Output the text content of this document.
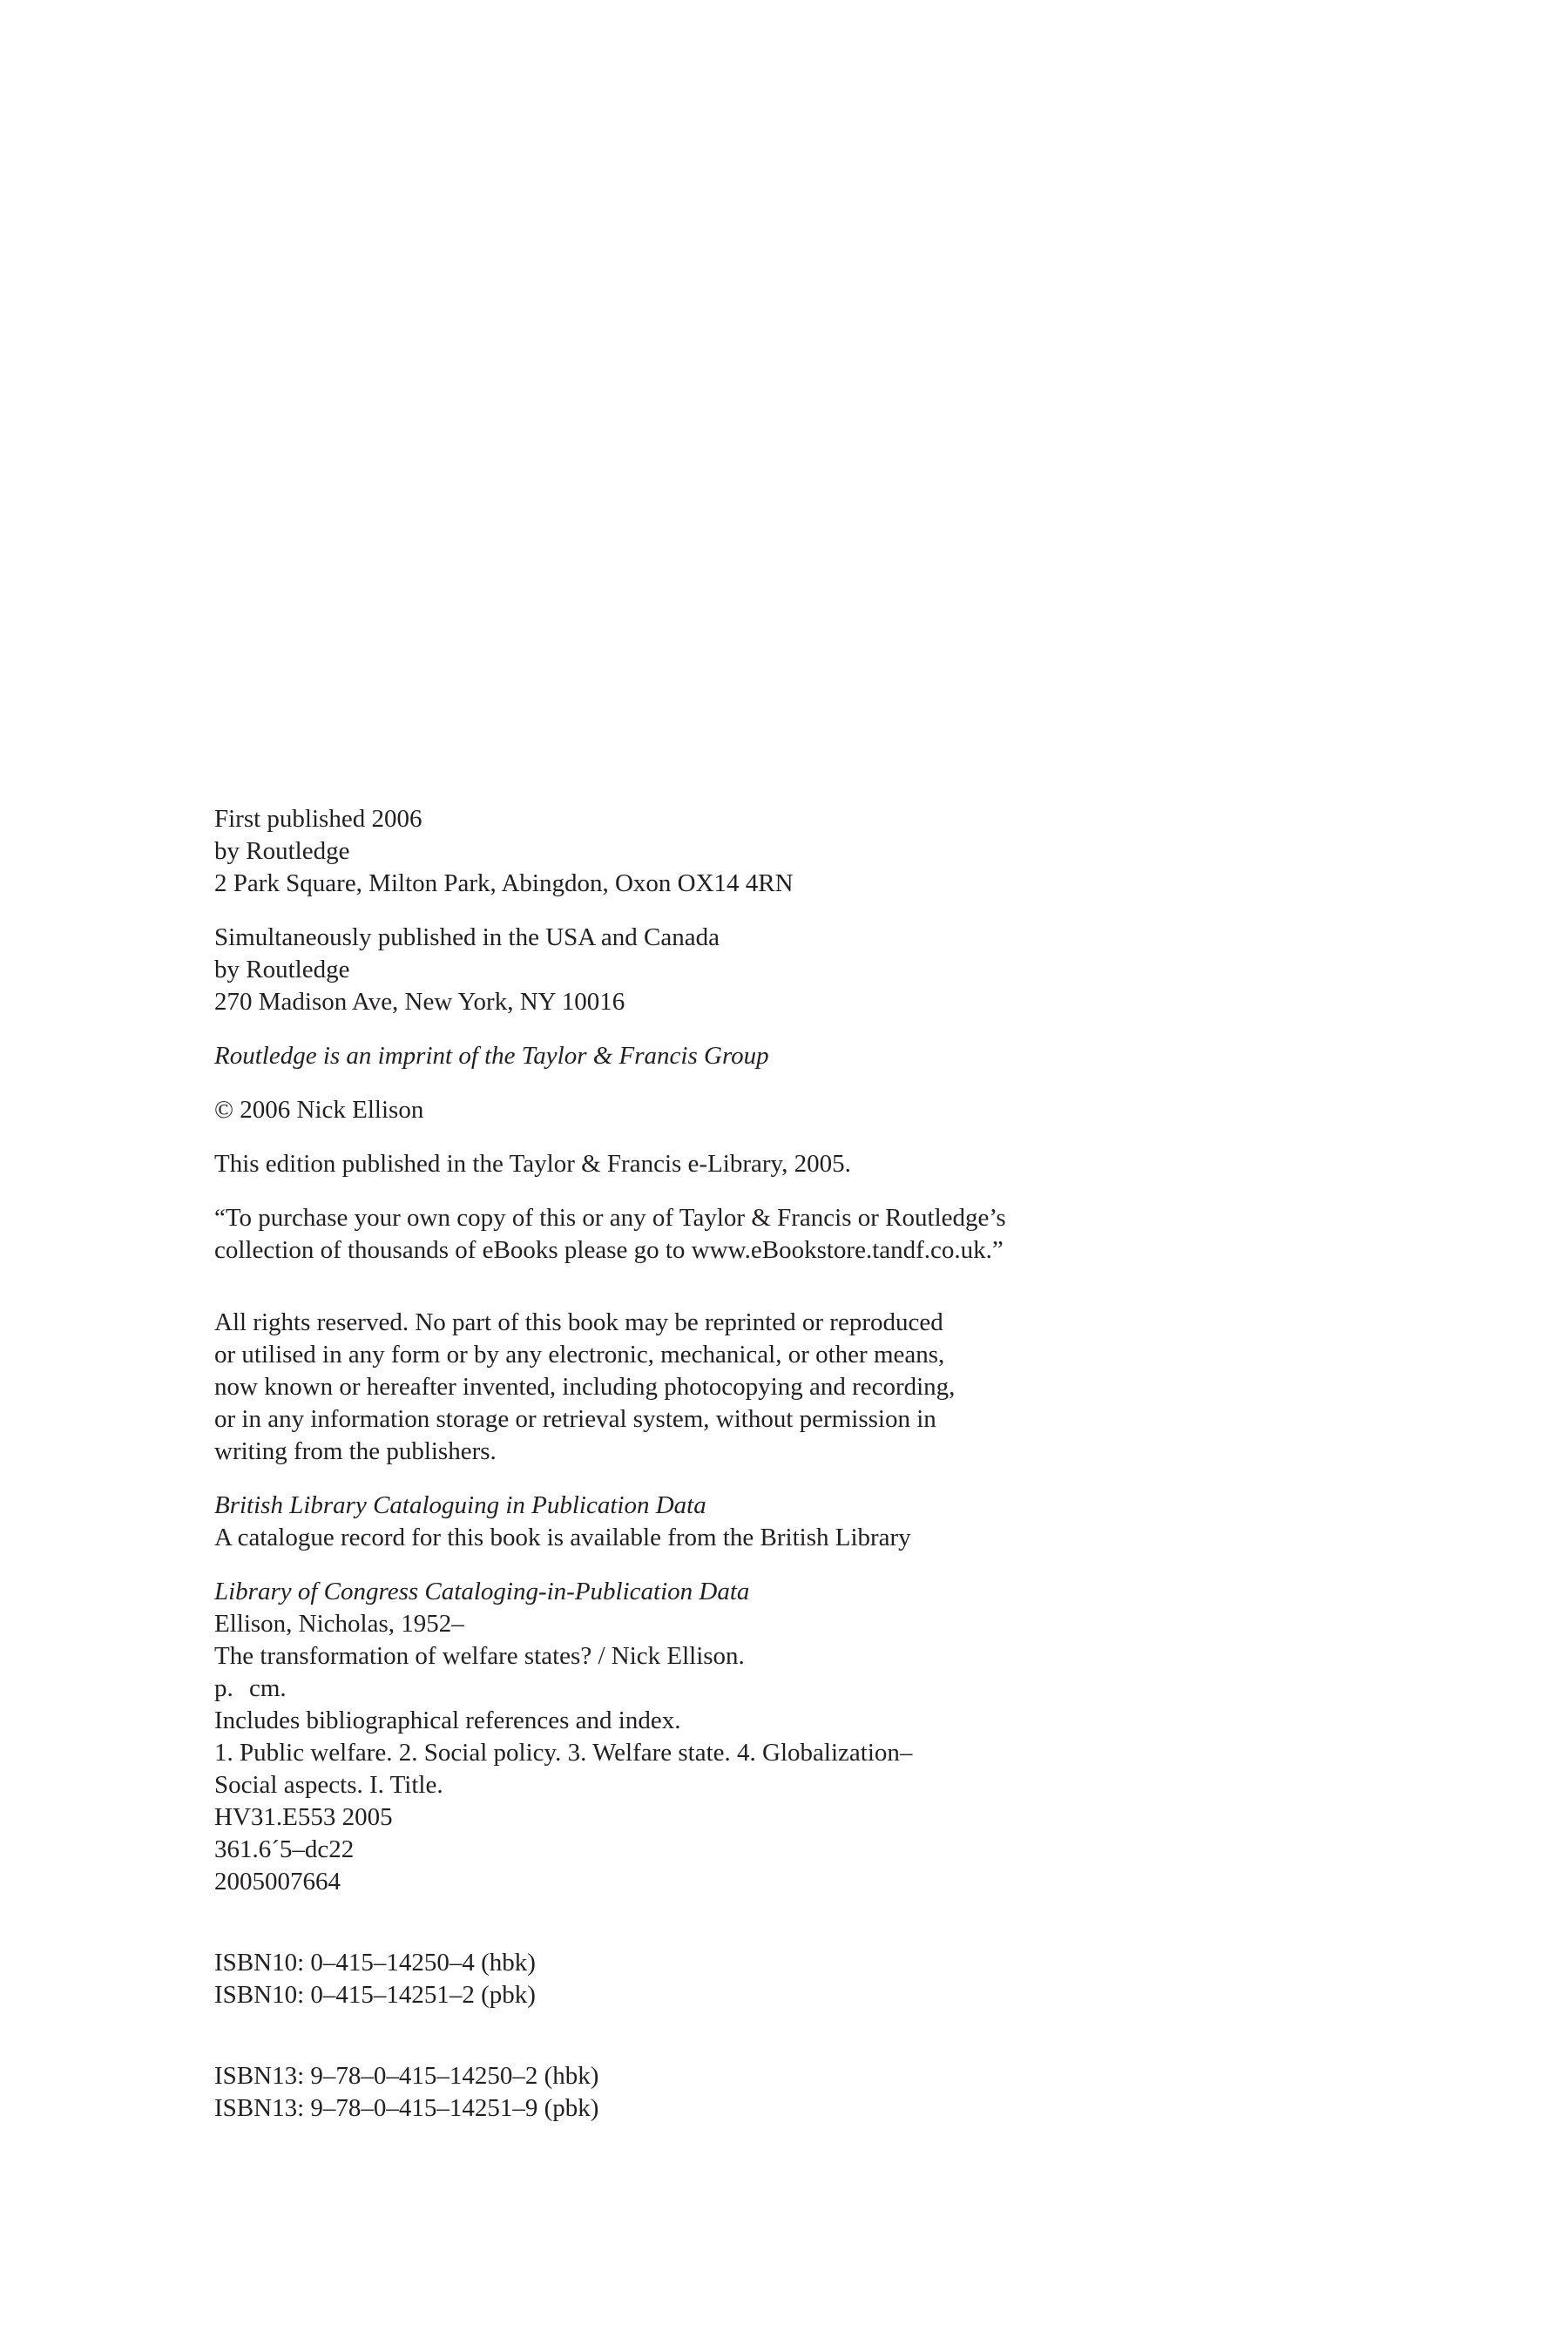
First published 2006
by Routledge
2 Park Square, Milton Park, Abingdon, Oxon OX14 4RN

Simultaneously published in the USA and Canada
by Routledge
270 Madison Ave, New York, NY 10016

Routledge is an imprint of the Taylor & Francis Group

© 2006 Nick Ellison

This edition published in the Taylor & Francis e-Library, 2005.

“To purchase your own copy of this or any of Taylor & Francis or Routledge’s
collection of thousands of eBooks please go to www.eBookstore.tandf.co.uk.”

All rights reserved. No part of this book may be reprinted or reproduced
or utilised in any form or by any electronic, mechanical, or other means,
now known or hereafter invented, including photocopying and recording,
or in any information storage or retrieval system, without permission in
writing from the publishers.

British Library Cataloguing in Publication Data
A catalogue record for this book is available from the British Library

Library of Congress Cataloging-in-Publication Data
Ellison, Nicholas, 1952–
The transformation of welfare states? / Nick Ellison.
p. cm.
Includes bibliographical references and index.
1. Public welfare. 2. Social policy. 3. Welfare state. 4. Globalization–
Social aspects. I. Title.
HV31.E553 2005
361.6´5–dc22
2005007664

ISBN10: 0–415–14250–4 (hbk)
ISBN10: 0–415–14251–2 (pbk)

ISBN13: 9–78–0–415–14250–2 (hbk)
ISBN13: 9–78–0–415–14251–9 (pbk)
